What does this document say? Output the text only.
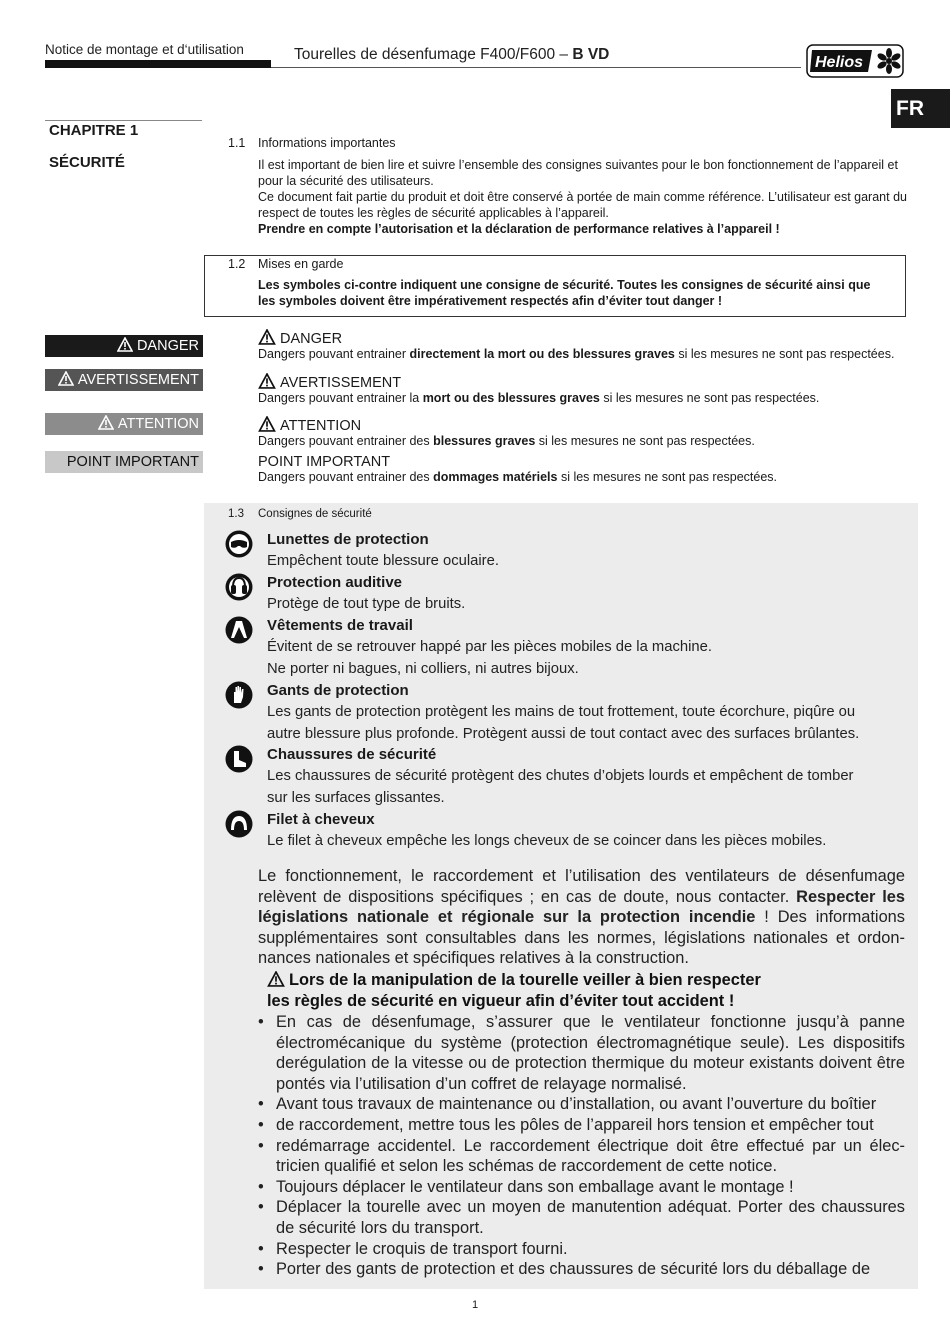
Notice de montage et d‘utilisation	Tourelles de désenfumage F400/F600 – B VD	Helios
FR
CHAPITRE 1
SÉCURITÉ
1.1 Informations importantes
Il est important de bien lire et suivre l’ensemble des consignes suivantes pour le bon fonctionnement de l’appareil et
pour la sécurité des utilisateurs.
Ce document fait partie du produit et doit être conservé à portée de main comme référence. L’utilisateur est garant du
respect de toutes les règles de sécurité applicables à l’appareil.
Prendre en compte l’autorisation et la déclaration de performance relatives à l’appareil !
1.2 Mises en garde
Les symboles ci-contre indiquent une consigne de sécurité. Toutes les consignes de sécurité ainsi que
les symboles doivent être impérativement respectés afin d’éviter tout danger !
DANGER
AVERTISSEMENT
ATTENTION
POINT IMPORTANT
DANGER
Dangers pouvant entrainer directement la mort ou des blessures graves si les mesures ne sont pas respectées.
AVERTISSEMENT
Dangers pouvant entrainer la mort ou des blessures graves si les mesures ne sont pas respectées.
ATTENTION
Dangers pouvant entrainer des blessures graves si les mesures ne sont pas respectées.
POINT IMPORTANT
Dangers pouvant entrainer des dommages matériels si les mesures ne sont pas respectées.
1.3 Consignes de sécurité
Lunettes de protection
Empêchent toute blessure oculaire.
Protection auditive
Protège de tout type de bruits.
Vêtements de travail
Évitent de se retrouver happé par les pièces mobiles de la machine.
Ne porter ni bagues, ni colliers, ni autres bijoux.
Gants de protection
Les gants de protection protègent les mains de tout frottement, toute écorchure, piqûre ou
autre blessure plus profonde. Protègent aussi de tout contact avec des surfaces brûlantes.
Chaussures de sécurité
Les chaussures de sécurité protègent des chutes d’objets lourds et empêchent de tomber
sur les surfaces glissantes.
Filet à cheveux
Le filet à cheveux empêche les longs cheveux de se coincer dans les pièces mobiles.
Le fonctionnement, le raccordement et l’utilisation des ventilateurs de désenfumage relèvent de dispositions spécifiques ; en cas de doute, nous contacter. Respecter les législations nationale et régionale sur la protection incendie ! Des informations supplémentaires sont consultables dans les normes, législations nationales et ordonnances nationales et spécifiques relatives à la construction.
Lors de la manipulation de la tourelle veiller à bien respecter
les règles de sécurité en vigueur afin d’éviter tout accident !
• En cas de désenfumage, s’assurer que le ventilateur fonctionne jusqu’à panne électromécanique du système (protection électromagnétique seule). Les dispositifs derégulation de la vitesse ou de protection thermique du moteur existants doivent être pontés via l’utilisation d’un coffret de relayage normalisé.
• Avant tous travaux de maintenance ou d’installation, ou avant l’ouverture du boîtier
• de raccordement, mettre tous les pôles de l’appareil hors tension et empêcher tout
• redémarrage accidentel. Le raccordement électrique doit être effectué par un électricien qualifié et selon les schémas de raccordement de cette notice.
• Toujours déplacer le ventilateur dans son emballage avant le montage !
• Déplacer la tourelle avec un moyen de manutention adéquat. Porter des chaussures de sécurité lors du transport.
• Respecter le croquis de transport fourni.
• Porter des gants de protection et des chaussures de sécurité lors du déballage de
1
